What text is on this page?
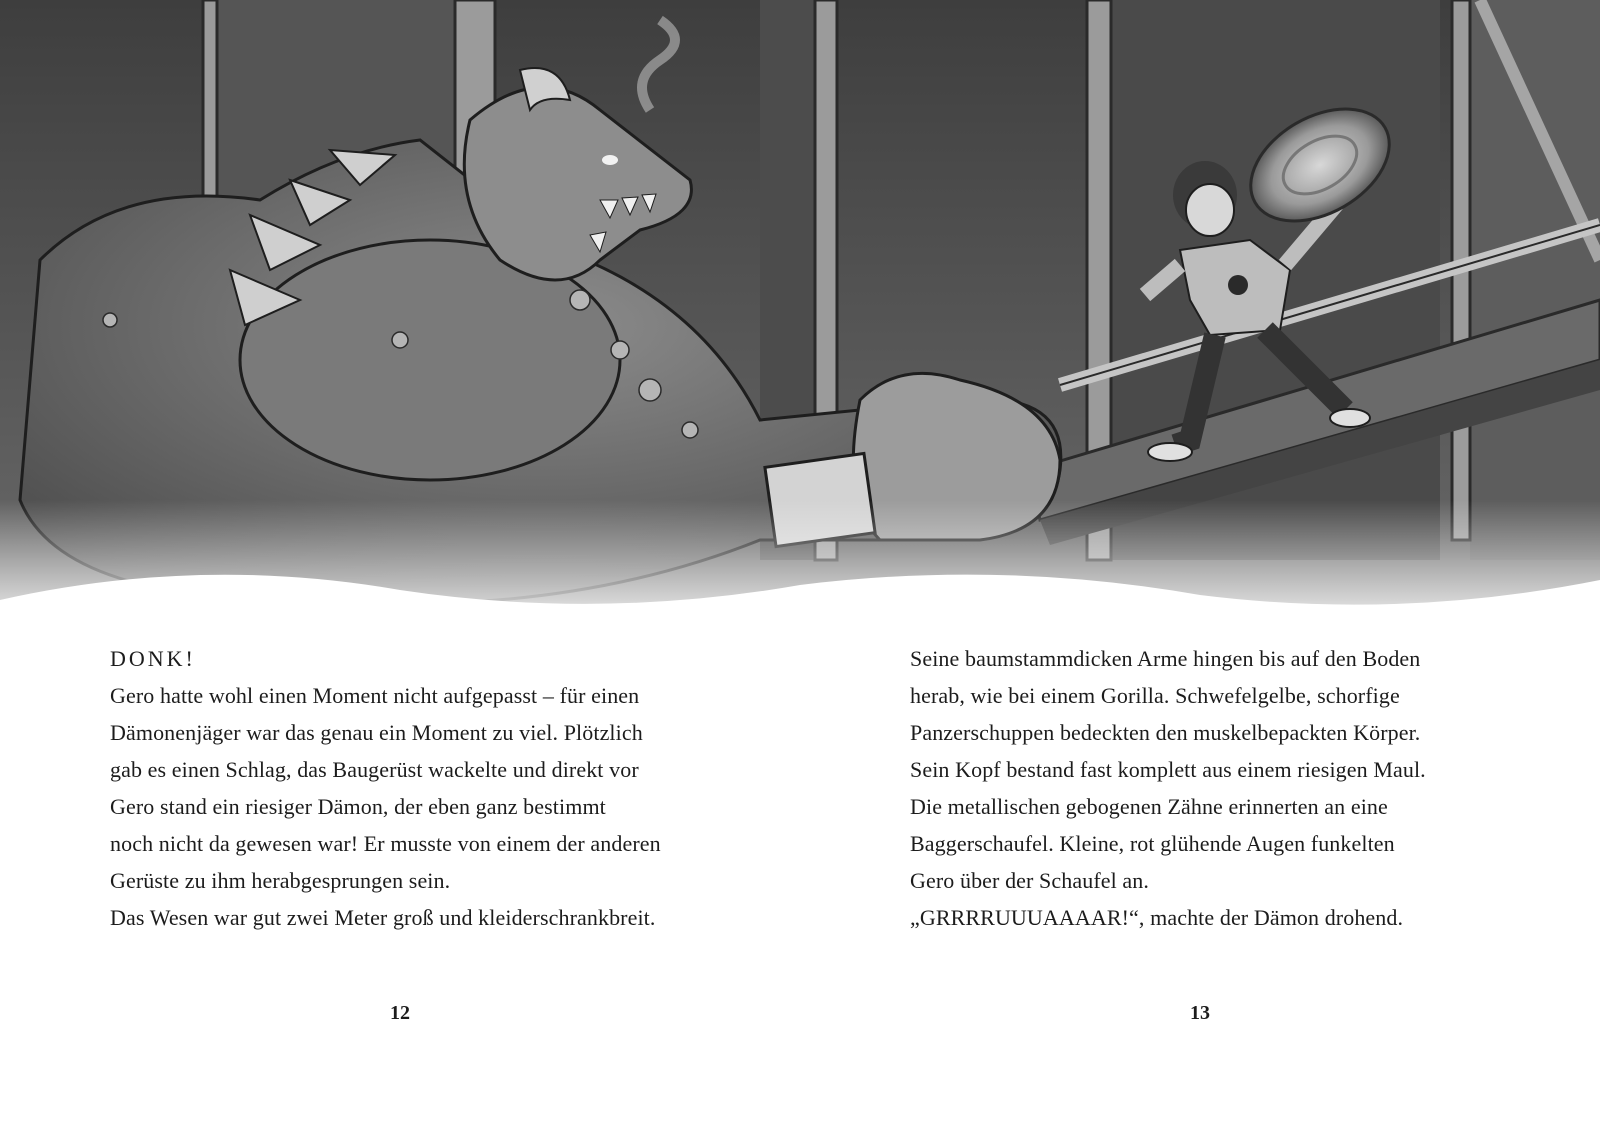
DONK!

Gero hatte wohl einen Moment nicht aufgepasst – für einen

Dämonenjäger war das genau ein Moment zu viel. Plötzlich

gab es einen Schlag, das Baugerüst wackelte und direkt vor

Gero stand ein riesiger Dämon, der eben ganz bestimmt

noch nicht da gewesen war! Er musste von einem der anderen

Gerüste zu ihm herabgesprungen sein.

Das Wesen war gut zwei Meter groß und kleiderschrankbreit.

Seine baumstammdicken Arme hingen bis auf den Boden

herab, wie bei einem Gorilla. Schwefelgelbe, schorfige

Panzerschuppen bedeckten den muskelbepackten Körper.

Sein Kopf bestand fast komplett aus einem riesigen Maul.

Die metallischen gebogenen Zähne erinnerten an eine

Baggerschaufel. Kleine, rot glühende Augen funkelten

Gero über der Schaufel an.

„GRRRRUUUAAAAR!“, machte der Dämon drohend.

12	13
